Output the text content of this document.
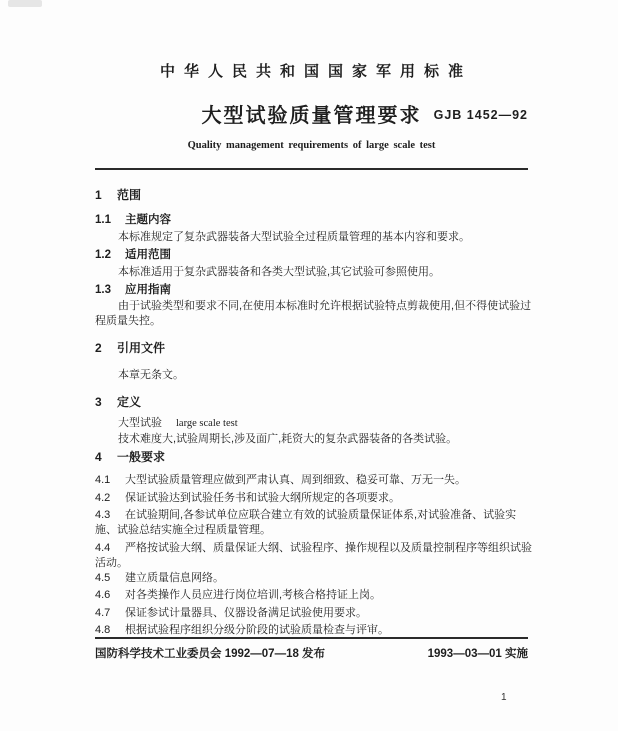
中华人民共和国国家军用标准
大型试验质量管理要求 GJB 1452—92
Quality management requirements of large scale test
1 范围
1.1 主题内容

本标准规定了复杂武器装备大型试验全过程质量管理的基本内容和要求。

1.2 适用范围

本标准适用于复杂武器装备和各类大型试验,其它试验可参照使用。

1.3 应用指南

由于试验类型和要求不同,在使用本标准时允许根据试验特点剪裁使用,但不得使试验过程质量失控。

2 引用文件

本章无条文。

3 定义

大型试验 large scale test

技术难度大,试验周期长,涉及面广,耗资大的复杂武器装备的各类试验。

4 一般要求

4.1 大型试验质量管理应做到严肃认真、周到细致、稳妥可靠、万无一失。

4.2 保证试验达到试验任务书和试验大纲所规定的各项要求。

4.3 在试验期间,各参试单位应联合建立有效的试验质量保证体系,对试验准备、试验实施、试验总结实施全过程质量管理。

4.4 严格按试验大纲、质量保证大纲、试验程序、操作规程以及质量控制程序等组织试验活动。

4.5 建立质量信息网络。

4.6 对各类操作人员应进行岗位培训,考核合格持证上岗。

4.7 保证参试计量器具、仪器设备满足试验使用要求。

4.8 根据试验程序组织分级分阶段的试验质量检查与评审。

国防科学技术工业委员会 1992—07—18 发布	1993—03—01 实施
1
